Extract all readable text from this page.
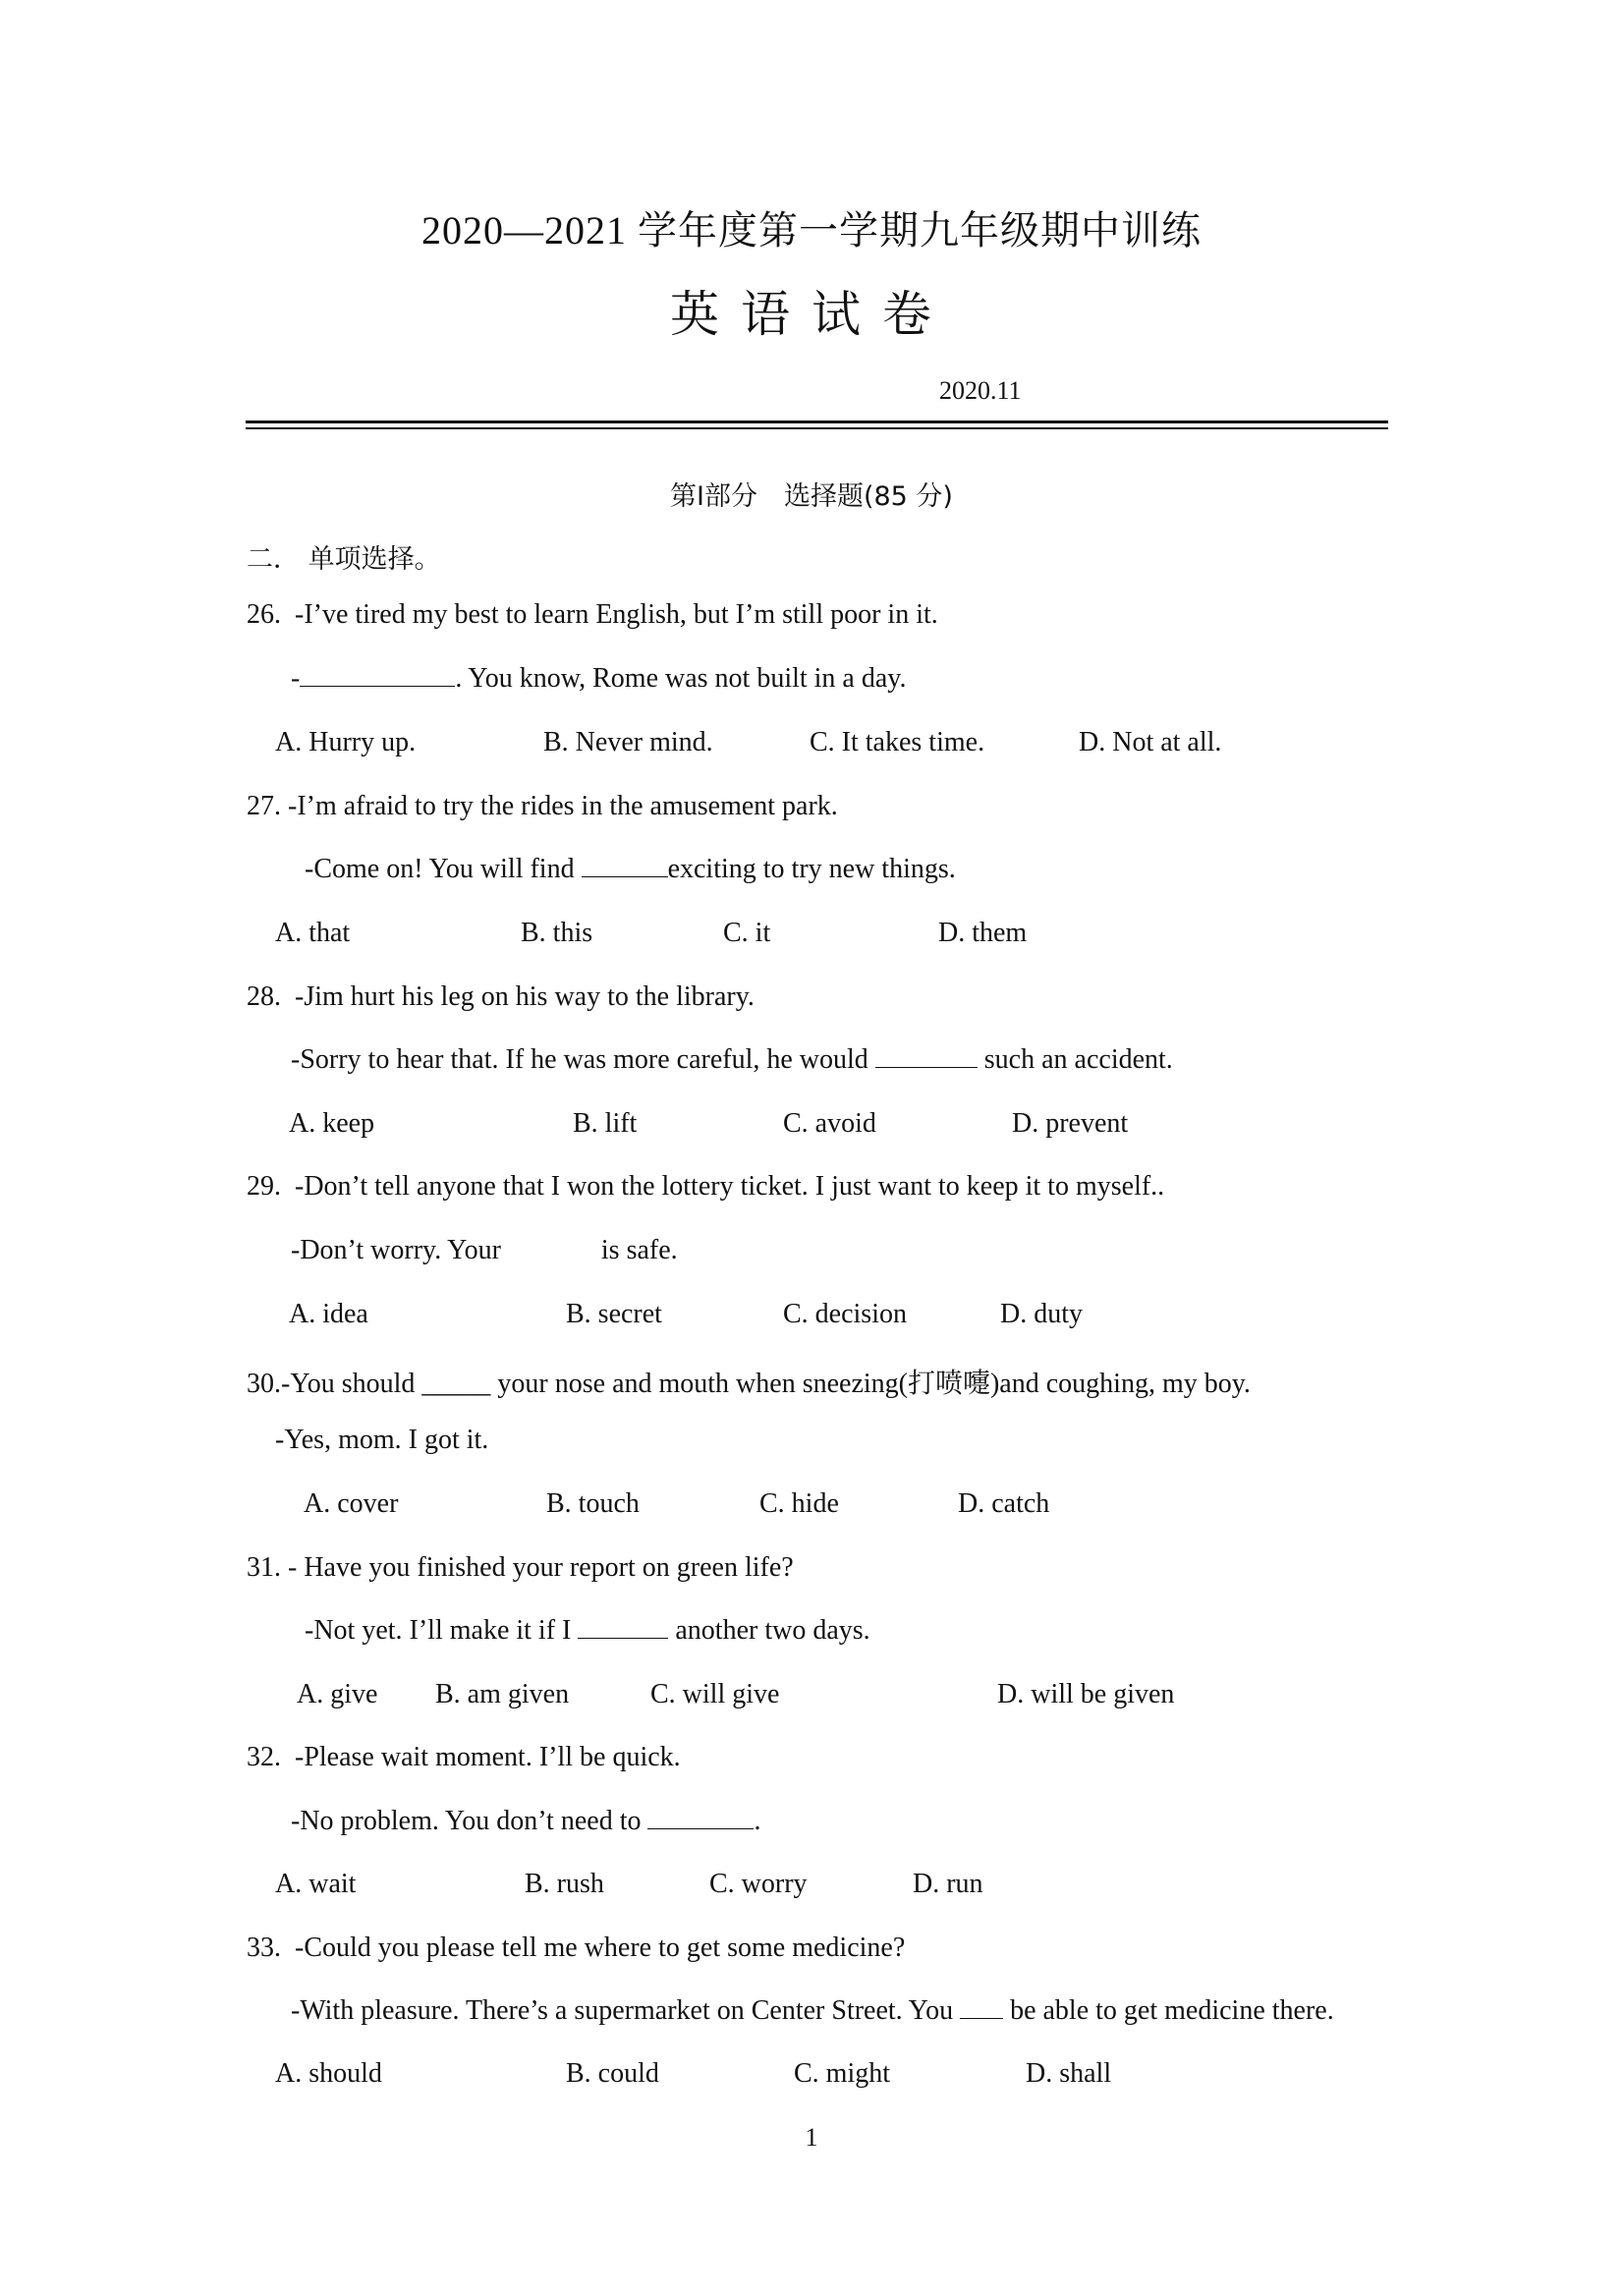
2020—2021 学年度第一学期九年级期中训练
英语试卷
2020.11
第Ⅰ部分　选择题(85 分)
二． 单项选择。
26. -I’ve tired my best to learn English, but I’m still poor in it.
-	. You know, Rome was not built in a day.
A. Hurry up.	B. Never mind.	C. It takes time.	D. Not at all.
27. -I’m afraid to try the rides in the amusement park.
-Come on! You will find	exciting to try new things.
A. that	B. this	C. it	D. them
28. -Jim hurt his leg on his way to the library.
-Sorry to hear that. If he was more careful, he would	such an accident.
A. keep	B. lift	C. avoid	D. prevent
29. -Don’t tell anyone that I won the lottery ticket. I just want to keep it to myself..
-Don’t worry. Your	is safe.
A. idea	B. secret	C. decision	D. duty
30.-You should _____ your nose and mouth when sneezing(打喷嚏)and coughing, my boy.
-Yes, mom. I got it.
A. cover	B. touch	C. hide	D. catch
31. - Have you finished your report on green life?
-Not yet. I’ll make it if I	another two days.
A. give B. am given	C. will give	D. will be given
32. -Please wait moment. I’ll be quick.
-No problem. You don’t need to	.
A. wait	B. rush	C. worry	D. run
33. -Could you please tell me where to get some medicine?
-With pleasure. There’s a supermarket on Center Street. You  be able to get medicine there.
A. should	B. could	C. might	D. shall
1
